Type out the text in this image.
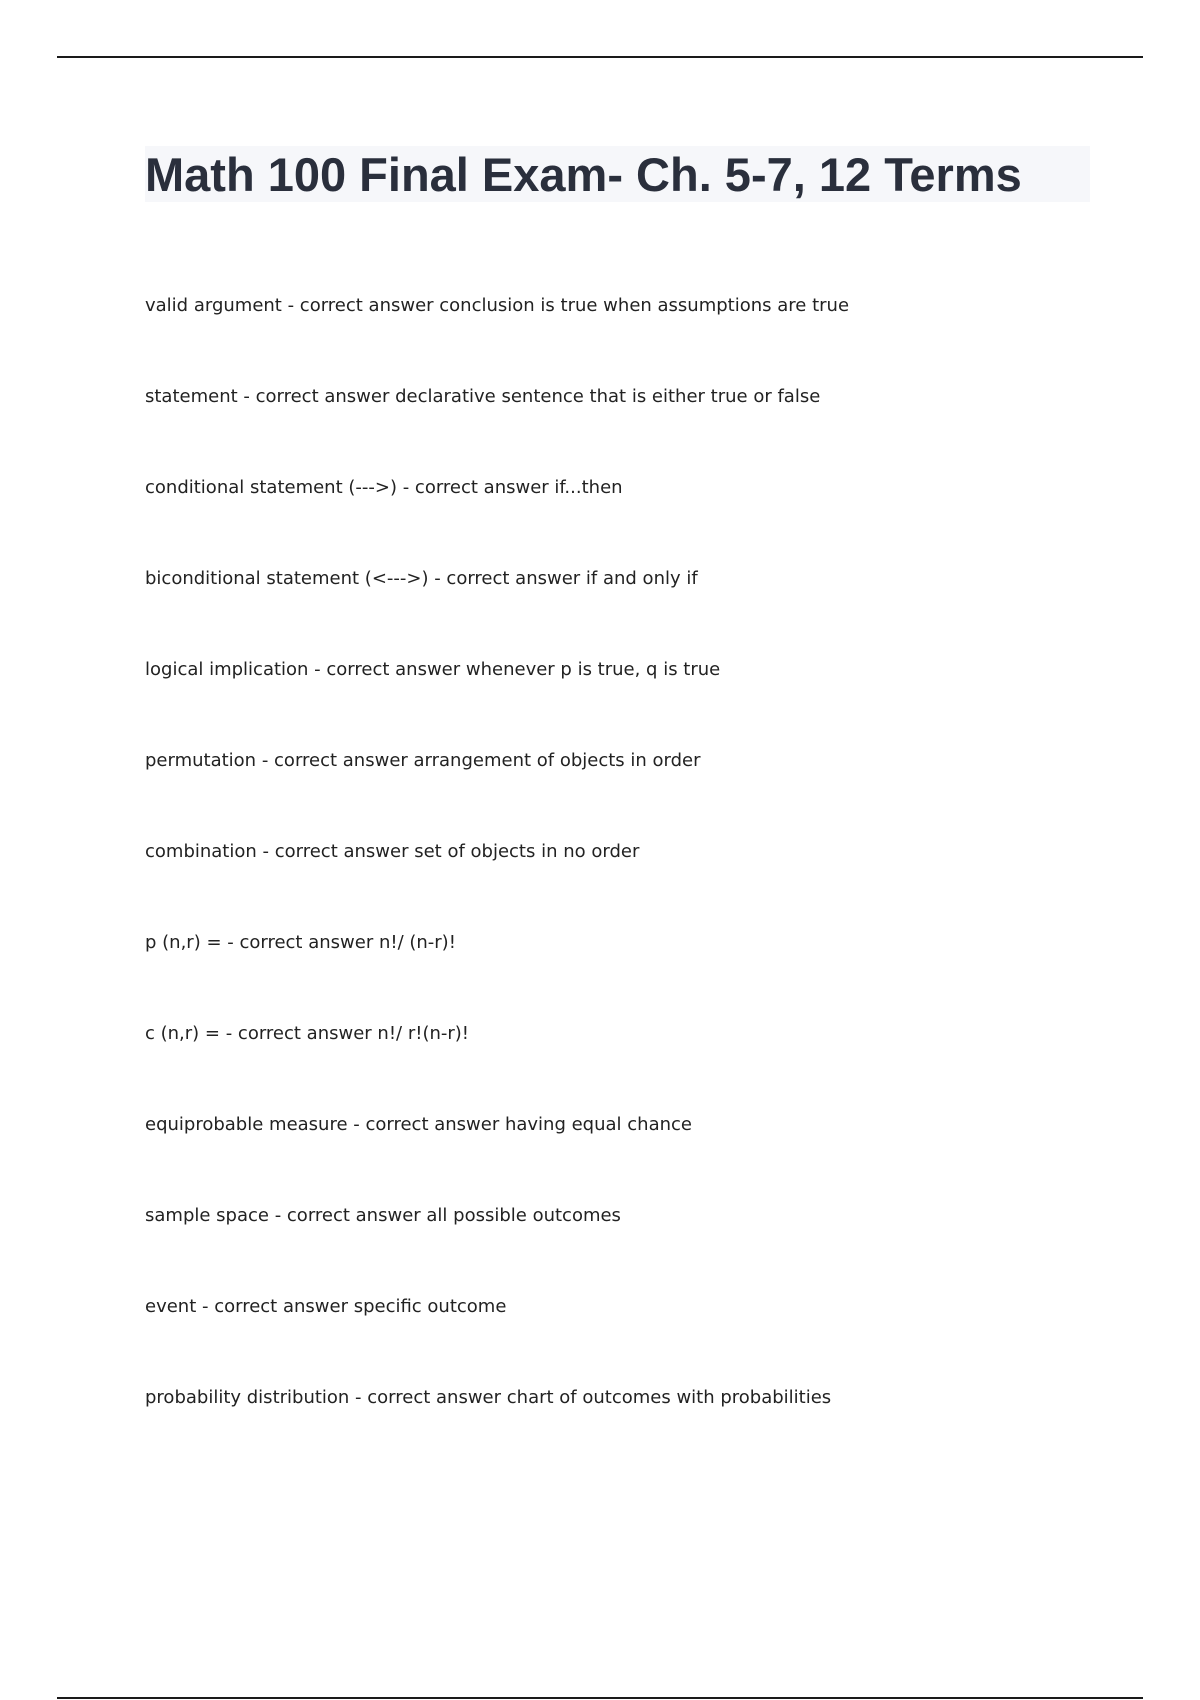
Math 100 Final Exam- Ch. 5-7, 12 Terms
valid argument - correct answer conclusion is true when assumptions are true
statement - correct answer declarative sentence that is either true or false
conditional statement (--->) - correct answer if...then
biconditional statement (<--->) - correct answer if and only if
logical implication - correct answer whenever p is true, q is true
permutation - correct answer arrangement of objects in order
combination - correct answer set of objects in no order
p (n,r) = - correct answer n!/ (n-r)!
c (n,r) = - correct answer n!/ r!(n-r)!
equiprobable measure - correct answer having equal chance
sample space - correct answer all possible outcomes
event - correct answer specific outcome
probability distribution - correct answer chart of outcomes with probabilities
